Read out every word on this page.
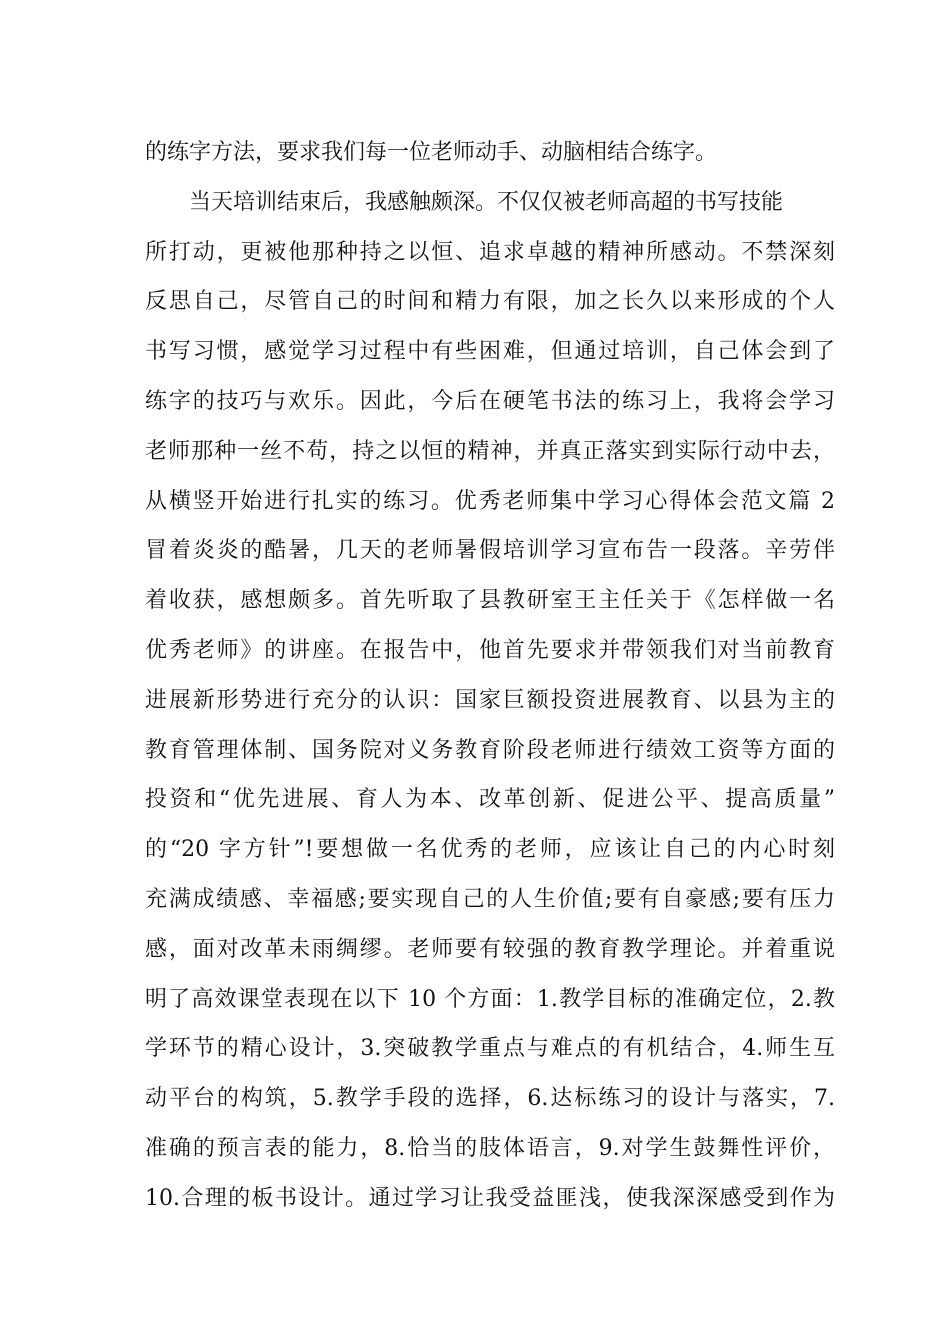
的练字方法，要求我们每一位老师动手、动脑相结合练字。
当天培训结束后，我感触颇深。不仅仅被老师高超的书写技能
所打动，更被他那种持之以恒、追求卓越的精神所感动。不禁深刻
反思自己，尽管自己的时间和精力有限，加之长久以来形成的个人
书写习惯，感觉学习过程中有些困难，但通过培训，自己体会到了
练字的技巧与欢乐。因此，今后在硬笔书法的练习上，我将会学习
老师那种一丝不苟，持之以恒的精神，并真正落实到实际行动中去，
从横竖开始进行扎实的练习。优秀老师集中学习心得体会范文篇 2
冒着炎炎的酷暑，几天的老师暑假培训学习宣布告一段落。辛劳伴
着收获，感想颇多。首先听取了县教研室王主任关于《怎样做一名
优秀老师》的讲座。在报告中，他首先要求并带领我们对当前教育
进展新形势进行充分的认识：国家巨额投资进展教育、以县为主的
教育管理体制、国务院对义务教育阶段老师进行绩效工资等方面的
投资和“优先进展、育人为本、改革创新、促进公平、提高质量”
的“20 字方针”!要想做一名优秀的老师，应该让自己的内心时刻
充满成绩感、幸福感;要实现自己的人生价值;要有自豪感;要有压力
感，面对改革未雨绸缪。老师要有较强的教育教学理论。并着重说
明了高效课堂表现在以下 10 个方面：1.教学目标的准确定位，2.教
学环节的精心设计，3.突破教学重点与难点的有机结合，4.师生互
动平台的构筑，5.教学手段的选择，6.达标练习的设计与落实，7.
准确的预言表的能力，8.恰当的肢体语言，9.对学生鼓舞性评价，
10.合理的板书设计。通过学习让我受益匪浅，使我深深感受到作为
